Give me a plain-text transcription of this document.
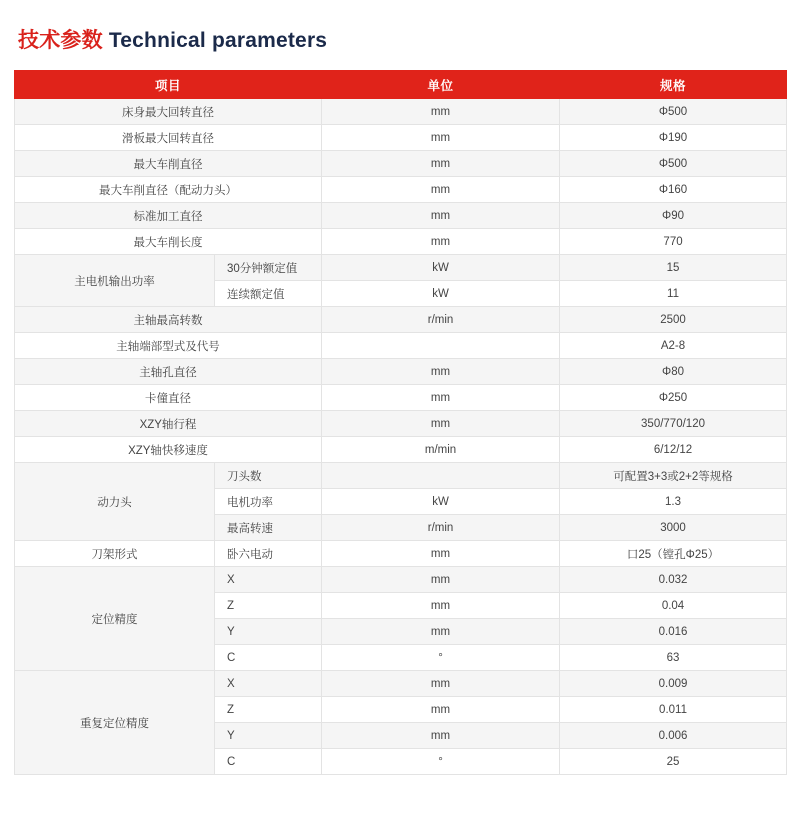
技术参数 Technical parameters
项目		单位	规格
床身最大回转直径		mm	Φ500
滑板最大回转直径		mm	Φ190
最大车削直径		mm	Φ500
最大车削直径（配动力头）		mm	Φ160
标准加工直径		mm	Φ90
最大车削长度		mm	770
主电机输出功率	30分钟额定值	kW	15
	连续额定值	kW	11
主轴最高转数		r/min	2500
主轴端部型式及代号			A2-8
主轴孔直径		mm	Φ80
卡僮直径		mm	Φ250
XZY轴行程		mm	350/770/120
XZY轴快移速度		m/min	6/12/12
动力头	刀头数		可配置3+3或2+2等规格
	电机功率	kW	1.3
	最高转速	r/min	3000
刀架形式	卧六电动	mm	口25（镗孔Φ25）
定位精度	X	mm	0.032
	Z	mm	0.04
	Y	mm	0.016
	C	°	63
重复定位精度	X	mm	0.009
	Z	mm	0.011
	Y	mm	0.006
	C	°	25
